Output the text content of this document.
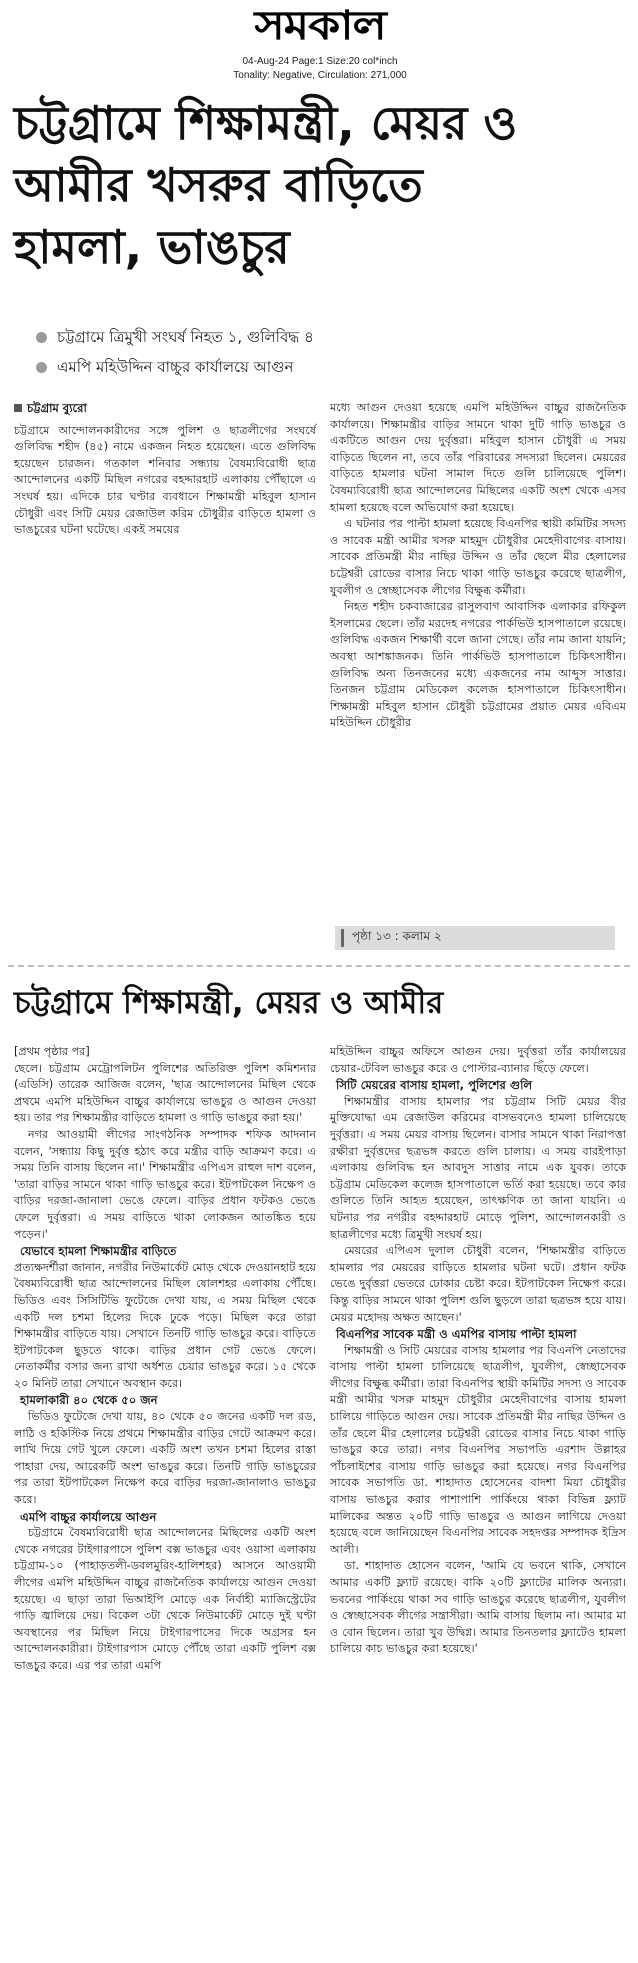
সমকাল
04-Aug-24 Page:1 Size:20 col*inch
Tonality: Negative, Circulation: 271,000
চট্টগ্রামে শিক্ষামন্ত্রী, মেয়র ও
আমীর খসরুর বাড়িতে
হামলা, ভাঙচুর
চট্টগ্রামে ত্রিমুখী সংঘর্ষ নিহত ১, গুলিবিদ্ধ ৪
এমপি মহিউদ্দিন বাচ্চুর কার্যালয়ে আগুন
চট্টগ্রাম ব্যুরো

চট্টগ্রামে আন্দোলনকারীদের সঙ্গে পুলিশ ও ছাত্রলীগের সংঘর্ষে গুলিবিদ্ধ শহীদ (৪৫) নামে একজন নিহত হয়েছেন। এতে গুলিবিদ্ধ হয়েছেন চারজন। গতকাল শনিবার সন্ধ্যায় বৈষম্যবিরোধী ছাত্র আন্দোলনের একটি মিছিল নগরের বহদ্দারহাট এলাকায় পৌঁছালে এ সংঘর্ষ হয়। এদিকে চার ঘণ্টার ব্যবধানে শিক্ষামন্ত্রী মহিবুল হাসান চৌধুরী এবং সিটি মেয়র রেজাউল করিম চৌধুরীর বাড়িতে হামলা ও ভাঙচুরের ঘটনা ঘটেছে। একই সময়ের

মধ্যে আগুন দেওয়া হয়েছে এমপি মহিউদ্দিন বাচ্চুর রাজনৈতিক কার্যালয়ে। শিক্ষামন্ত্রীর বাড়ির সামনে থাকা দুটি গাড়ি ভাঙচুর ও একটিতে আগুন দেয় দুর্বৃত্তরা। মহিবুল হাসান চৌধুরী এ সময় বাড়িতে ছিলেন না, তবে তাঁর পরিবারের সদস্যরা ছিলেন। মেয়রের বাড়িতে হামলার ঘটনা সামাল দিতে গুলি চালিয়েছে পুলিশ। বৈষম্যবিরোধী ছাত্র আন্দোলনের মিছিলের একটি অংশ থেকে এসব হামলা হয়েছে বলে অভিযোগ করা হয়েছে।

এ ঘটনার পর পাল্টা হামলা হয়েছে বিএনপির স্থায়ী কমিটির সদস্য ও সাবেক মন্ত্রী আমীর খসরু মাহমুদ চৌধুরীর মেহেদীবাগের বাসায়। সাবেক প্রতিমন্ত্রী মীর নাছির উদ্দিন ও তাঁর ছেলে মীর হেলালের চট্টেশ্বরী রোডের বাসার নিচে থাকা গাড়ি ভাঙচুর করেছে ছাত্রলীগ, যুবলীগ ও স্বেচ্ছাসেবক লীগের বিক্ষুব্ধ কর্মীরা।

নিহত শহীদ চকবাজারের রাসুলবাগ আবাসিক এলাকার রফিকুল ইসলামের ছেলে। তাঁর মরদেহ নগরের পার্কভিউ হাসপাতালে রয়েছে। গুলিবিদ্ধ একজন শিক্ষার্থী বলে জানা গেছে। তাঁর নাম জানা যায়নি; অবস্থা আশঙ্কাজনক। তিনি পার্কভিউ হাসপাতালে চিকিৎসাধীন। গুলিবিদ্ধ অন্য তিনজনের মধ্যে একজনের নাম আব্দুস সাত্তার। তিনজন চট্টগ্রাম মেডিকেল কলেজ হাসপাতালে চিকিৎসাধীন। শিক্ষামন্ত্রী মহিবুল হাসান চৌধুরী চট্টগ্রামের প্রয়াত মেয়র এবিএম মহিউদ্দিন চৌধুরীর

পৃষ্ঠা ১৩ : কলাম ২
চট্টগ্রামে শিক্ষামন্ত্রী, মেয়র ও আমীর

[প্রথম পৃষ্ঠার পর]

ছেলে। চট্টগ্রাম মেট্রোপলিটন পুলিশের অতিরিক্ত পুলিশ কমিশনার (এডিসি) তারেক আজিজ বলেন, 'ছাত্র আন্দোলনের মিছিল থেকে প্রথমে এমপি মহিউদ্দিন বাচ্চুর কার্যালয়ে ভাঙচুর ও আগুন দেওয়া হয়। তার পর শিক্ষামন্ত্রীর বাড়িতে হামলা ও গাড়ি ভাঙচুর করা হয়।'

নগর আওয়ামী লীগের সাংগঠনিক সম্পাদক শফিক আদনান বলেন, 'সন্ধ্যায় কিছু দুর্বৃত্ত হঠাৎ করে মন্ত্রীর বাড়ি আক্রমণ করে। এ সময় তিনি বাসায় ছিলেন না।' শিক্ষামন্ত্রীর এপিএস রাহুল দাশ বলেন, 'তারা বাড়ির সামনে থাকা গাড়ি ভাঙচুর করে। ইটপাটকেল নিক্ষেপ ও বাড়ির দরজা-জানালা ভেঙে ফেলে। বাড়ির প্রধান ফটকও ভেঙে ফেলে দুর্বৃত্তরা। এ সময় বাড়িতে থাকা লোকজন আতঙ্কিত হয়ে পড়েন।'

যেভাবে হামলা শিক্ষামন্ত্রীর বাড়িতে

প্রত্যক্ষদর্শীরা জানান, নগরীর নিউমার্কেট মোড় থেকে দেওয়ানহাট হয়ে বৈষম্যবিরোধী ছাত্র আন্দোলনের মিছিল ষোলশহর এলাকায় পৌঁছে। ভিডিও এবং সিসিটিভি ফুটেজে দেখা যায়, এ সময় মিছিল থেকে একটি দল চশমা হিলের দিকে ঢুকে পড়ে। মিছিল করে তারা শিক্ষামন্ত্রীর বাড়িতে যায়। সেখানে তিনটি গাড়ি ভাঙচুর করে। বাড়িতে ইটপাটকেল ছুড়তে থাকে। বাড়ির প্রধান গেট ভেঙে ফেলে। নেতাকর্মীর বসার জন্য রাখা অর্ধশত চেয়ার ভাঙচুর করে। ১৫ থেকে ২০ মিনিট তারা সেখানে অবস্থান করে।

হামলাকারী ৪০ থেকে ৫০ জন

ভিডিও ফুটেজে দেখা যায়, ৪০ থেকে ৫০ জনের একটি দল রড, লাঠি ও হকিস্টিক নিয়ে প্রথমে শিক্ষামন্ত্রীর বাড়ির গেটে আক্রমণ করে। লাথি দিয়ে গেট খুলে ফেলে। একটি অংশ তখন চশমা হিলের রাস্তা পাহারা দেয়, আরেকটি অংশ ভাঙচুর করে। তিনটি গাড়ি ভাঙচুরের পর তারা ইটপাটকেল নিক্ষেপ করে বাড়ির দরজা-জানালাও ভাঙচুর করে।

এমপি বাচ্চুর কার্যালয়ে আগুন

চট্টগ্রামে বৈষম্যবিরোধী ছাত্র আন্দোলনের মিছিলের একটি অংশ থেকে নগরের টাইগারপাসে পুলিশ বক্স ভাঙচুর এবং ওয়াসা এলাকায় চট্টগ্রাম-১০ (পাহাড়তলী-ডবলমুরিং-হালিশহর) আসনে আওয়ামী লীগের এমপি মহিউদ্দিন বাচ্চুর রাজনৈতিক কার্যালয়ে আগুন দেওয়া হয়েছে। এ ছাড়া তারা ভিআইপি মোড়ে এক নির্বাহী ম্যাজিস্ট্রেটের গাড়ি জ্বালিয়ে দেয়। বিকেল ৩টা থেকে নিউমার্কেট মোড়ে দুই ঘণ্টা অবস্থানের পর মিছিল নিয়ে টাইগারপাসের দিকে অগ্রসর হন আন্দোলনকারীরা। টাইগারপাস মোড়ে পৌঁছে তারা একটি পুলিশ বক্স ভাঙচুর করে। এর পর তারা এমপি

মহিউদ্দিন বাচ্চুর অফিসে আগুন দেয়। দুর্বৃত্তরা তাঁর কার্যালয়ের চেয়ার-টেবিল ভাঙচুর করে ও পোস্টার-ব্যানার ছিঁড়ে ফেলে।

সিটি মেয়রের বাসায় হামলা, পুলিশের গুলি

শিক্ষামন্ত্রীর বাসায় হামলার পর চট্টগ্রাম সিটি মেয়র বীর মুক্তিযোদ্ধা এম রেজাউল করিমের বাসভবনেও হামলা চালিয়েছে দুর্বৃত্তরা। এ সময় মেয়র বাসায় ছিলেন। বাসার সামনে থাকা নিরাপত্তা রক্ষীরা দুর্বৃত্তদের ছত্রভঙ্গ করতে গুলি চালায়। এ সময় বারইপাড়া এলাকায় গুলিবিদ্ধ হন আবদুস সাত্তার নামে এক যুবক। তাকে চট্টগ্রাম মেডিকেল কলেজ হাসপাতালে ভর্তি করা হয়েছে। তবে কার গুলিতে তিনি আহত হয়েছেন, তাৎক্ষণিক তা জানা যায়নি। এ ঘটনার পর নগরীর বহদ্দারহাট মোড়ে পুলিশ, আন্দোলনকারী ও ছাত্রলীগের মধ্যে ত্রিমুখী সংঘর্ষ হয়।

মেয়রের এপিএস দুলাল চৌধুরী বলেন, 'শিক্ষামন্ত্রীর বাড়িতে হামলার পর মেয়রের বাড়িতে হামলার ঘটনা ঘটে। প্রধান ফটক ভেঙে দুর্বৃত্তরা ভেতরে ঢোকার চেষ্টা করে। ইটপাটকেল নিক্ষেপ করে। কিন্তু বাড়ির সামনে থাকা পুলিশ গুলি ছুড়লে তারা ছত্রভঙ্গ হয়ে যায়। মেয়র মহোদয় অক্ষত আছেন।'

বিএনপির সাবেক মন্ত্রী ও এমপির বাসায় পাল্টা হামলা

শিক্ষামন্ত্রী ও সিটি মেয়রের বাসায় হামলার পর বিএনপি নেতাদের বাসায় পাল্টা হামলা চালিয়েছে ছাত্রলীগ, যুবলীগ, স্বেচ্ছাসেবক লীগের বিক্ষুব্ধ কর্মীরা। তারা বিএনপির স্থায়ী কমিটির সদস্য ও সাবেক মন্ত্রী আমীর খসরু মাহমুদ চৌধুরীর মেহেদীবাগের বাসায় হামলা চালিয়ে গাড়িতে আগুন দেয়। সাবেক প্রতিমন্ত্রী মীর নাছির উদ্দিন ও তাঁর ছেলে মীর হেলালের চট্টেশ্বরী রোডের বাসার নিচে থাকা গাড়ি ভাঙচুর করে তারা। নগর বিএনপির সভাপতি এরশাদ উল্লাহর পাঁচলাইশের বাসায় গাড়ি ভাঙচুর করা হয়েছে। নগর বিএনপির সাবেক সভাপতি ডা. শাহাদাত হোসেনের বাদশা মিয়া চৌধুরীর বাসায় ভাঙচুর করার পাশাপাশি পার্কিংয়ে থাকা বিভিন্ন ফ্ল্যাট মালিকের অন্তত ২০টি গাড়ি ভাঙচুর ও আগুন লাগিয়ে দেওয়া হয়েছে বলে জানিয়েছেন বিএনপির সাবেক সহদপ্তর সম্পাদক ইদ্রিস আলী।

ডা. শাহাদাত হোসেন বলেন, 'আমি যে ভবনে থাকি, সেখানে আমার একটি ফ্ল্যাট রয়েছে। বাকি ২০টি ফ্ল্যাটের মালিক অন্যরা। ভবনের পার্কিংয়ে থাকা সব গাড়ি ভাঙচুর করেছে ছাত্রলীগ, যুবলীগ ও স্বেচ্ছাসেবক লীগের সন্ত্রাসীরা। আমি বাসায় ছিলাম না। আমার মা ও বোন ছিলেন। তারা খুব উদ্বিগ্ন। আমার তিনতলার ফ্ল্যাটেও হামলা চালিয়ে কাচ ভাঙচুর করা হয়েছে।'
